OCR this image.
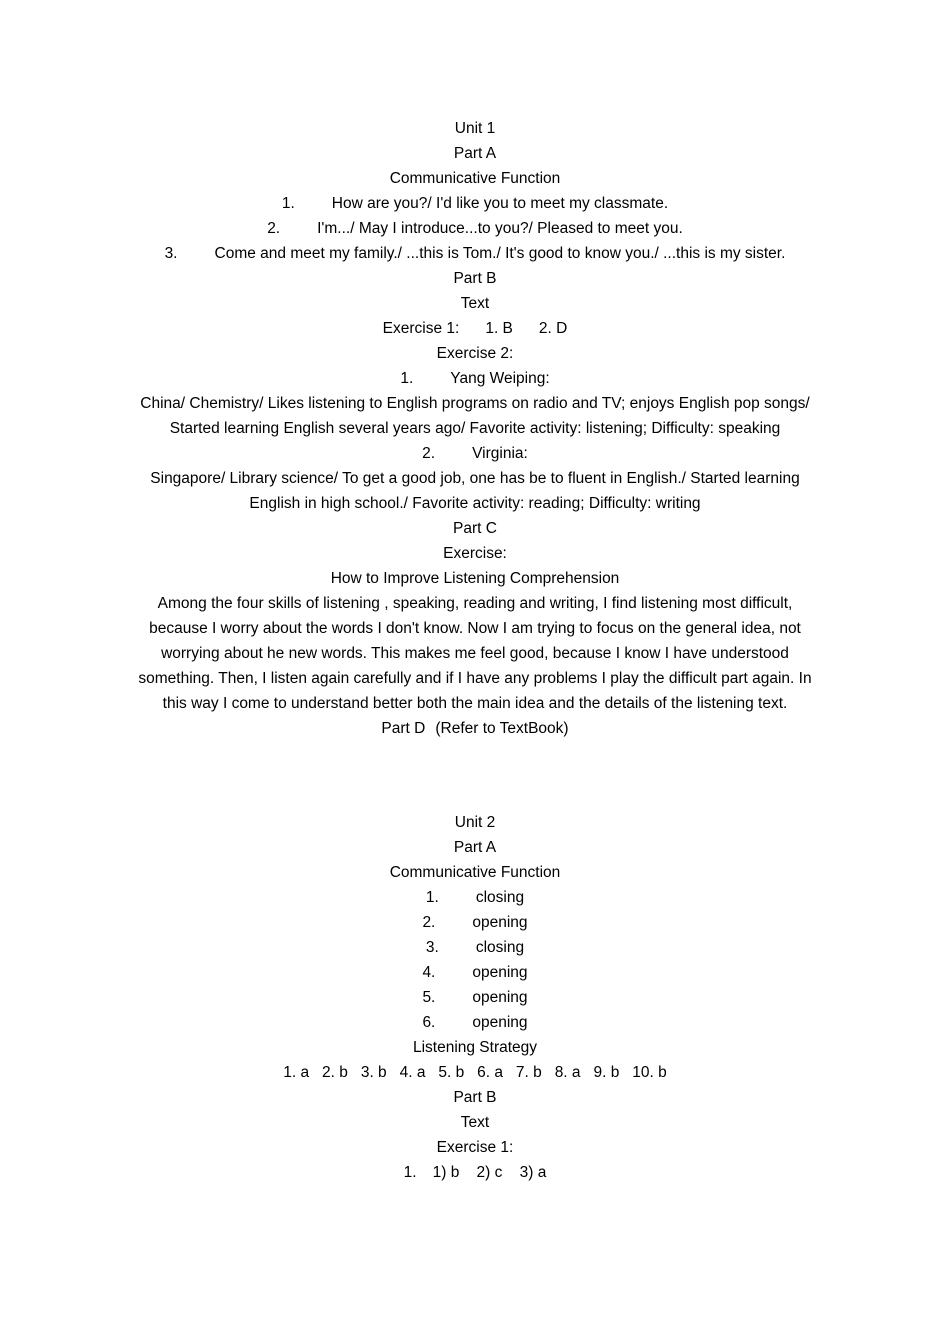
Unit 1
Part A
Communicative Function
1. How are you?/ I'd like you to meet my classmate.
2. I'm.../ May I introduce...to you?/ Pleased to meet you.
3. Come and meet my family./ ...this is Tom./ It's good to know you./ ...this is my sister.
Part B
Text
Exercise 1: 1. B 2. D
Exercise 2:
1. Yang Weiping:
China/ Chemistry/ Likes listening to English programs on radio and TV; enjoys English pop songs/ Started learning English several years ago/ Favorite activity: listening; Difficulty: speaking
2. Virginia:
Singapore/ Library science/ To get a good job, one has be to fluent in English./ Started learning English in high school./ Favorite activity: reading; Difficulty: writing
Part C
Exercise:
How to Improve Listening Comprehension
Among the four skills of listening , speaking, reading and writing, I find listening most difficult, because I worry about the words I don't know. Now I am trying to focus on the general idea, not worrying about he new words. This makes me feel good, because I know I have understood something. Then, I listen again carefully and if I have any problems I play the difficult part again. In this way I come to understand better both the main idea and the details of the listening text.
Part D (Refer to TextBook)
Unit 2
Part A
Communicative Function
1. closing
2. opening
3. closing
4. opening
5. opening
6. opening
Listening Strategy
1. a   2. b   3. b   4. a   5. b   6. a   7. b   8. a   9. b   10. b
Part B
Text
Exercise 1:
1. 1) b    2) c    3) a
